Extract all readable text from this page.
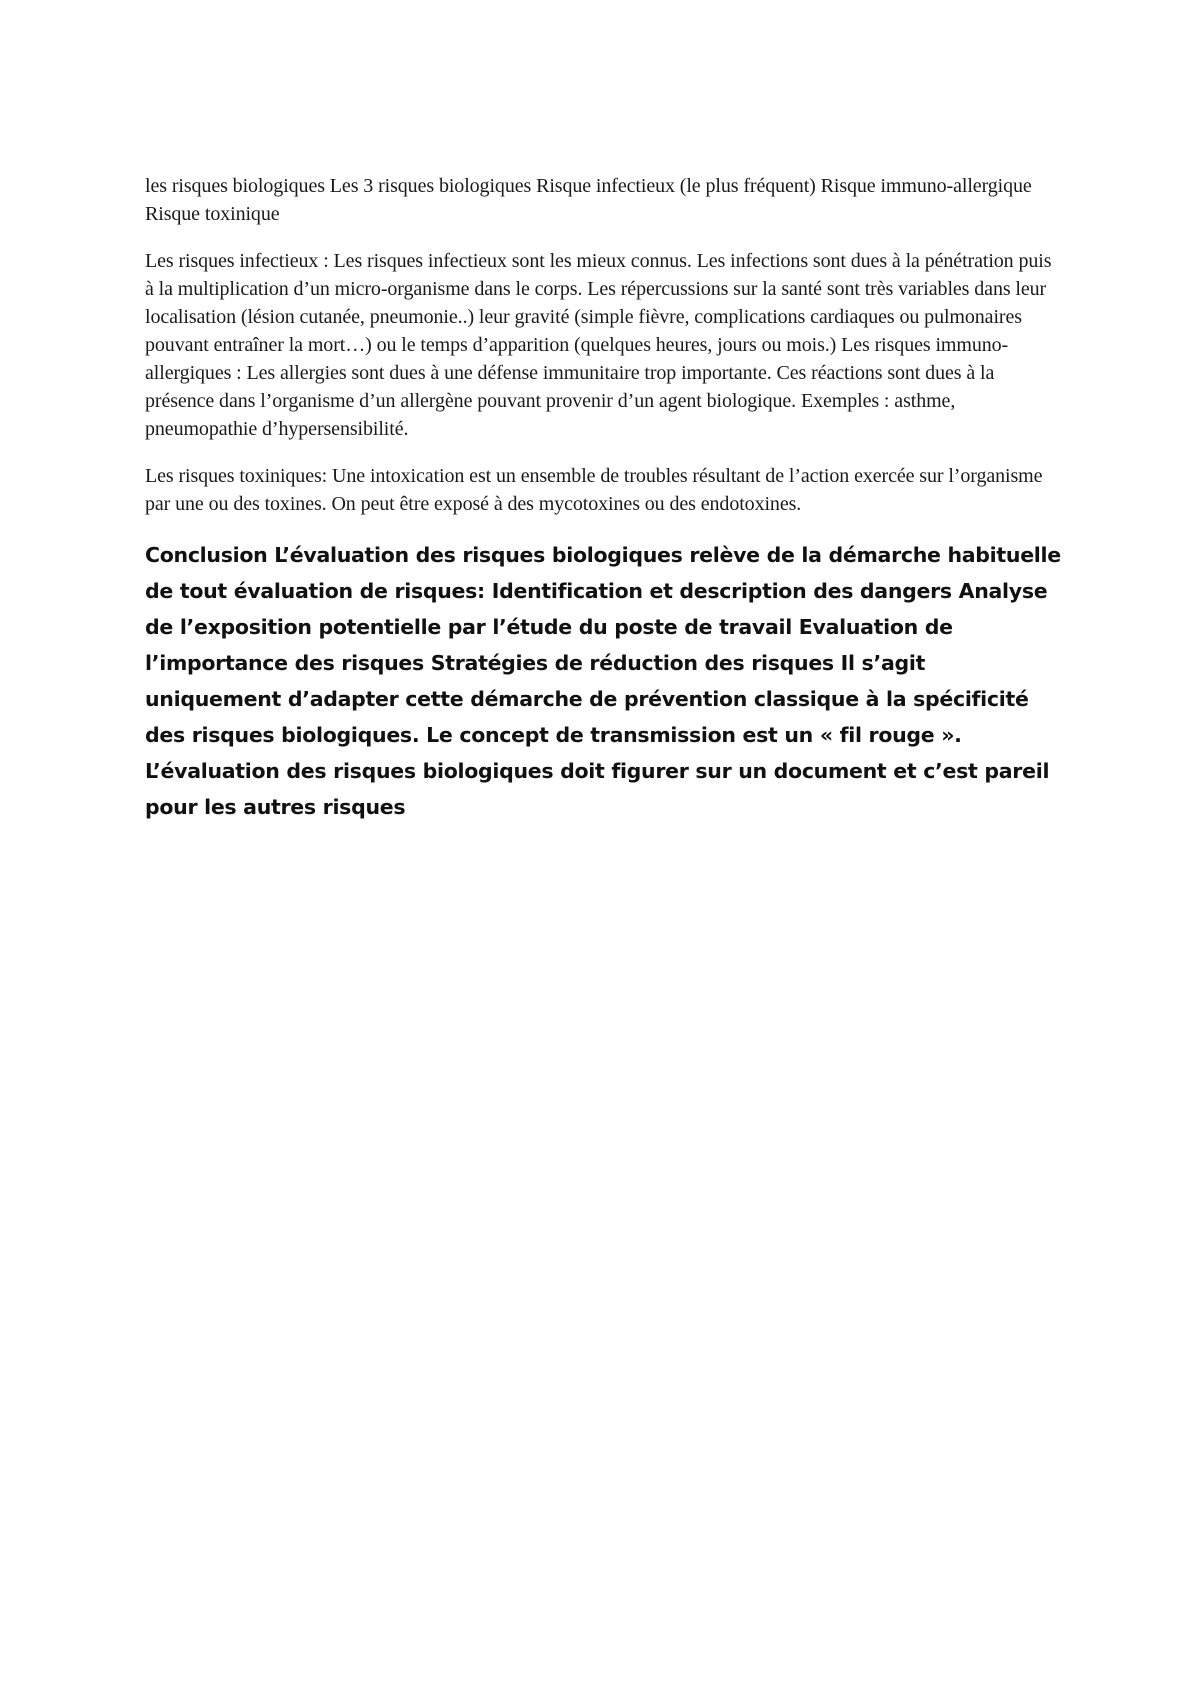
les risques biologiques Les 3 risques biologiques Risque infectieux (le plus fréquent) Risque immuno-allergique Risque toxinique

Les risques infectieux : Les risques infectieux sont les mieux connus. Les infections sont dues à la pénétration puis à la multiplication d’un micro-organisme dans le corps. Les répercussions sur la santé sont très variables dans leur localisation (lésion cutanée, pneumonie..) leur gravité (simple fièvre, complications cardiaques ou pulmonaires pouvant entraîner la mort…) ou le temps d’apparition (quelques heures, jours ou mois.) Les risques immuno-allergiques : Les allergies sont dues à une défense immunitaire trop importante. Ces réactions sont dues à la présence dans l’organisme d’un allergène pouvant provenir d’un agent biologique. Exemples : asthme, pneumopathie d’hypersensibilité.

Les risques toxiniques: Une intoxication est un ensemble de troubles résultant de l’action exercée sur l’organisme par une ou des toxines. On peut être exposé à des mycotoxines ou des endotoxines.

Conclusion L’évaluation des risques biologiques relève de la démarche habituelle de tout évaluation de risques: Identification et description des dangers Analyse de l’exposition potentielle par l’étude du poste de travail Evaluation de l’importance des risques Stratégies de réduction des risques Il s’agit uniquement d’adapter cette démarche de prévention classique à la spécificité des risques biologiques. Le concept de transmission est un « fil rouge ». L’évaluation des risques biologiques doit figurer sur un document et c’est pareil pour les autres risques
